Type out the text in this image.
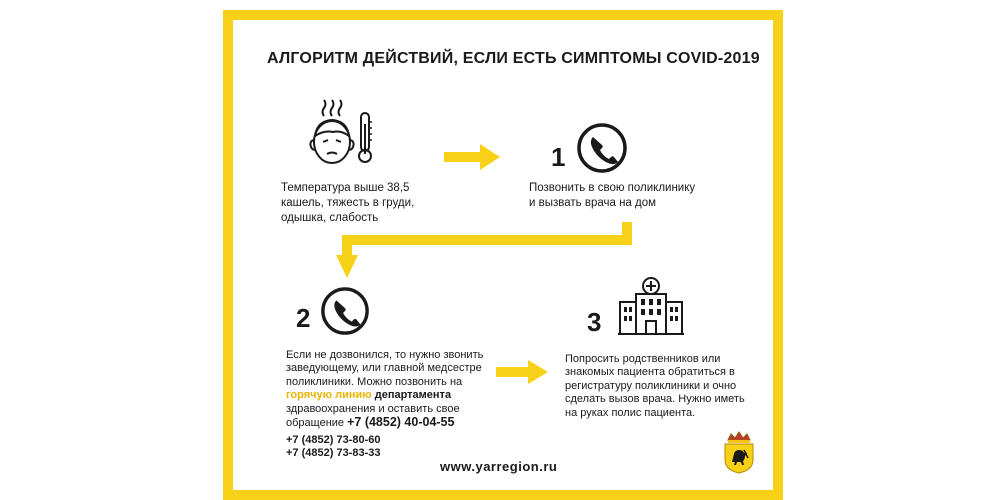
АЛГОРИТМ ДЕЙСТВИЙ, ЕСЛИ ЕСТЬ СИМПТОМЫ COVID-2019
Температура выше 38,5
кашель, тяжесть в груди,
одышка, слабость
1
Позвонить в свою поликлинику
и вызвать врача на дом
2
Если не дозвонился, то нужно звонить
заведующему, или главной медсестре
поликлиники. Можно позвонить на
горячую линию департамента
здравоохранения и оставить свое
обращение +7 (4852) 40-04-55
+7 (4852) 73-80-60
+7 (4852) 73-83-33
3
Попросить родственников или
знакомых пациента обратиться в
регистратуру поликлиники и очно
сделать вызов врача. Нужно иметь
на руках полис пациента.
www.yarregion.ru
